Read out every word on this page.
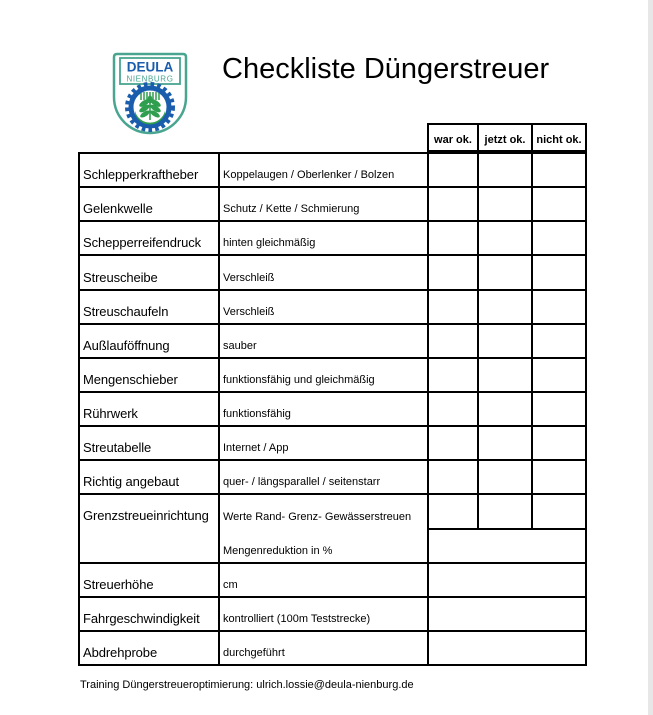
DEULA
NIENBURG Checkliste Düngerstreuer
war ok.	jetzt ok. nicht ok.
Schlepperkraftheber Koppelaugen / Oberlenker / Bolzen
Gelenkwelle	Schutz / Kette / Schmierung
Schepperreifendruck hinten gleichmäßig
Streuscheibe	Verschleiß
Streuschaufeln	Verschleiß
Außlauföffnung	sauber
Mengenschieber	funktionsfähig und gleichmäßig
Rührwerk	funktionsfähig
Streutabelle	Internet / App
Richtig angebaut	quer- / längsparallel / seitenstarr
Grenzstreueinrichtung Werte Rand- Grenz- Gewässerstreuen
Mengenreduktion in %
Streuerhöhe	cm
Fahrgeschwindigkeit kontrolliert (100m Teststrecke)
Abdrehprobe	durchgeführt
Training Düngerstreueroptimierung: ulrich.lossie@deula-nienburg.de
